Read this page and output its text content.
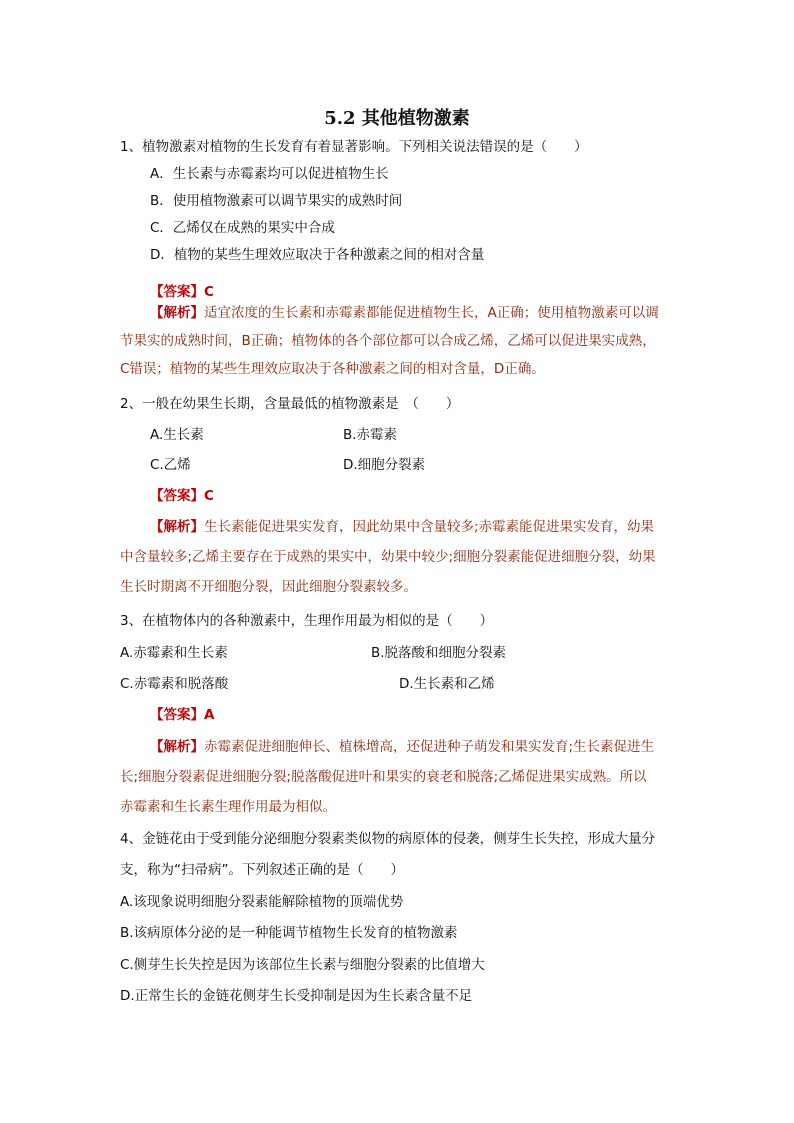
5.2 其他植物激素
1、植物激素对植物的生长发育有着显著影响。下列相关说法错误的是（　　）
A．生长素与赤霉素均可以促进植物生长
B．使用植物激素可以调节果实的成熟时间
C．乙烯仅在成熟的果实中合成
D．植物的某些生理效应取决于各种激素之间的相对含量
【答案】C
【解析】适宜浓度的生长素和赤霉素都能促进植物生长，A正确；使用植物激素可以调
节果实的成熟时间，B正确；植物体的各个部位都可以合成乙烯，乙烯可以促进果实成熟，
C错误；植物的某些生理效应取决于各种激素之间的相对含量，D正确。
2、一般在幼果生长期，含量最低的植物激素是　（　　）
A.生长素	B.赤霉素
C.乙烯	D.细胞分裂素
【答案】C
【解析】生长素能促进果实发育，因此幼果中含量较多;赤霉素能促进果实发育，幼果
中含量较多;乙烯主要存在于成熟的果实中，幼果中较少;细胞分裂素能促进细胞分裂，幼果
生长时期离不开细胞分裂，因此细胞分裂素较多。
3、在植物体内的各种激素中，生理作用最为相似的是（　　）
A.赤霉素和生长素	B.脱落酸和细胞分裂素
C.赤霉素和脱落酸	D.生长素和乙烯
【答案】A
【解析】赤霉素促进细胞伸长、植株增高，还促进种子萌发和果实发育;生长素促进生
长;细胞分裂素促进细胞分裂;脱落酸促进叶和果实的衰老和脱落;乙烯促进果实成熟。所以
赤霉素和生长素生理作用最为相似。
4、金链花由于受到能分泌细胞分裂素类似物的病原体的侵袭，侧芽生长失控，形成大量分
支，称为“扫帚病”。下列叙述正确的是（　　）
A.该现象说明细胞分裂素能解除植物的顶端优势
B.该病原体分泌的是一种能调节植物生长发育的植物激素
C.侧芽生长失控是因为该部位生长素与细胞分裂素的比值增大
D.正常生长的金链花侧芽生长受抑制是因为生长素含量不足
